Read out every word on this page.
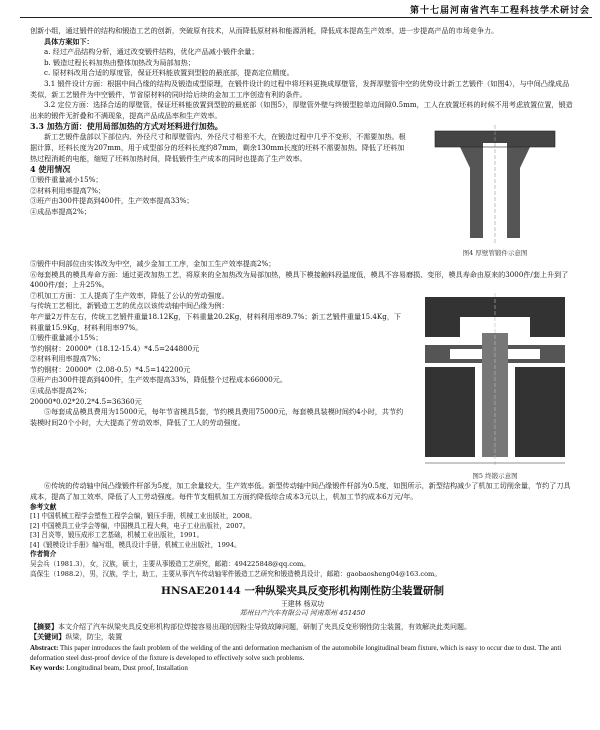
第十七届河南省汽车工程科技学术研讨会

创新小组，通过锻件的结构和锻造工艺的创新，突破原有技术，从而降低原材料和能源消耗，降低成本提高生产效率，进一步提高产品的市场竞争力。

具体方案如下：

a. 经过产品结构分析，通过改变锻件结构，优化产品减小锻件余量；

b. 锻造过程长料加热由整体加热改为局部加热；

c. 原材料改用合适的厚度管，保证坯料能放置到型腔的最底部，提高定位精度。

3.1 锻件设计方面：根据中间凸缘的结构及锻造成型原理，在锻件设计的过程中将坯料更换成厚壁管，发挥厚壁管中空的优势设计新工艺锻件（如图4），与中间凸缘成品类似，新工艺锻件为中空锻件，节省原材料的同时给后续的金加工工序创造有利的条件。

3.2 定位方面：选择合适的厚壁管，保证坯料能放置到型腔的最底部（如图5），厚壁管外壁与终锻型腔单边间隙0.5mm，工人在放置坯料的时候不用考虑放置位置，锻造出来的锻件无折叠和不满现象，提高产品成品率和生产效率。

图4 厚壁管锻件示意图

3.3 加热方面：使用局部加热的方式对坯料进行加热。

新工艺锻件盘部以下部位内、外径尺寸和厚壁管内、外径尺寸相差不大，在锻造过程中几乎不变形，不需要加热。根据计算，坯料长度为207mm，用于成型部分的坯料长度约87mm，剩余130mm长度的坯料不需要加热。降低了坯料加热过程消耗的电能，缩短了坯料加热时间，降低锻件生产成本的同时也提高了生产效率。

4 使用情况

①锻件重量减小15%；

②材料利用率提高7%；

③班产由300件提高到400件，生产效率提高33%；

④成品率提高2%；

⑤锻件中间部位由实体改为中空，减少金加工工序，金加工生产效率提高2%；

⑥每套模具的模具寿命方面：通过更改加热工艺，将原来的全加热改为局部加热，模具下模接触料段温度低，模具不容易磨损、变形，模具寿命由原来的3000件/套上升到了4000件/套；上升25%。

图5 终锻示意图

⑦机加工方面：工人提高了生产效率，降低了公认的劳动强度。

与传统工艺相比，新锻造工艺的优点以该传动轴中间凸缘为例：

年产量2万件左右，传统工艺锻件重量18.12Kg，下料重量20.2Kg，材料利用率89.7%；新工艺锻件重量15.4Kg，下料重量15.9Kg，材料利用率97%。

①锻件重量减小15%；

节约钢材：20000*（18.12-15.4）*4.5=244800元

②材料利用率提高7%；

节约钢材：20000*（2.08-0.5）*4.5=142200元

③班产由300件提高到400件，生产效率提高33%，降低整个过程成本66000元。

④成品率提高2%；

20000*0.02*20.2*4.5=36360元

⑤每套成品模具费用为15000元，每年节省模具5套，节约模具费用75000元，每套模具装模时间约4小时，共节约装模时间20个小时，大大提高了劳动效率，降低了工人的劳动强度。

⑥传统的传动轴中间凸缘锻件杆部为5度，加工余量较大，生产效率低。新型传动轴中间凸缘锻件杆部为0.5度，如图所示，新型结构减少了机加工切削余量，节约了刀具成本，提高了加工效率，降低了人工劳动强度。每件节支粗机加工方面约降低综合成本3元以上，机加工节约成本6万元/年。

参考文献

[1] 中国机械工程学会塑性工程学会编，锻压手册，机械工业出版社，2008。

[2] 中国模具工业学会等编，中国模具工程大典，电子工业出版社，2007。

[3] 吕炎等，锻压成形工艺基础，机械工业出版社，1991。

[4]《锻模设计手册》编写组，模具设计手册，机械工业出版社，1994。

作者简介

吴会兵（1981.3），女，汉族，硕士，主要从事锻造工艺研究，邮箱：494225848@qq.com。

高保生（1988.2），男，汉族，学士，助工，主要从事汽车传动轴零件锻造工艺研究和锻造模具设计，邮箱：gaobaosheng04@163.com。

HNSAE20144 一种纵梁夹具反变形机构刚性防尘装置研制
王建林 杨双功
郑州日产汽车有限公司 河南郑州 451450
【摘要】本文介绍了汽车纵梁夹具反变形机构部位焊接容易出现的因粉尘导致故障问题，研制了夹具反变形钢性防尘装置，有效解决此类问题。

【关键词】纵梁，防尘，装置

Abstract: This paper introduces the fault problem of the welding of the anti deformation mechanism of the automobile longitudinal beam fixture, which is easy to occur due to dust. The anti deformation steel dust-proof device of the fixture is developed to effectively solve such problems.

Key words: Longitudinal beam, Dust proof, Installation
